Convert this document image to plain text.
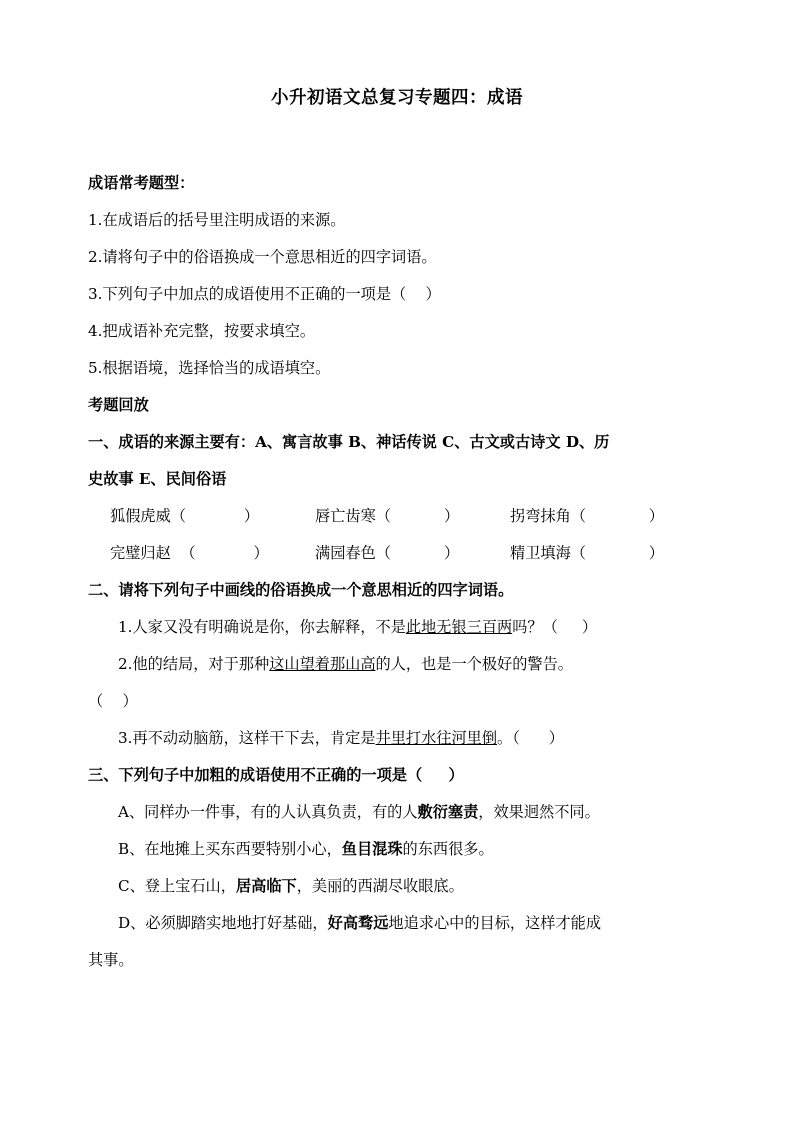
小升初语文总复习专题四：成语
成语常考题型：
1.在成语后的括号里注明成语的来源。
2.请将句子中的俗语换成一个意思相近的四字词语。
3.下列句子中加点的成语使用不正确的一项是（    ）
4.把成语补充完整，按要求填空。
5.根据语境，选择恰当的成语填空。
考题回放
一、成语的来源主要有：A、寓言故事 B、神话传说 C、古文或古诗文 D、历
史故事 E、民间俗语
狐假虎威（            ）	唇亡齿寒（           ）	拐弯抹角（             ）
完璧归赵  （            ）	满园春色（           ）	精卫填海（             ）
二、请将下列句子中画线的俗语换成一个意思相近的四字词语。
1.人家又没有明确说是你，你去解释，不是此地无银三百两吗？（     ）
2.他的结局，对于那种这山望着那山高的人，也是一个极好的警告。
（    ）
3.再不动动脑筋，这样干下去，肯定是井里打水往河里倒。（      ）
三、下列句子中加粗的成语使用不正确的一项是（     ）
A、同样办一件事，有的人认真负责，有的人敷衍塞责，效果迥然不同。
B、在地摊上买东西要特别小心，鱼目混珠的东西很多。
C、登上宝石山，居高临下，美丽的西湖尽收眼底。
D、必须脚踏实地地打好基础，好高骛远地追求心中的目标，这样才能成
其事。
